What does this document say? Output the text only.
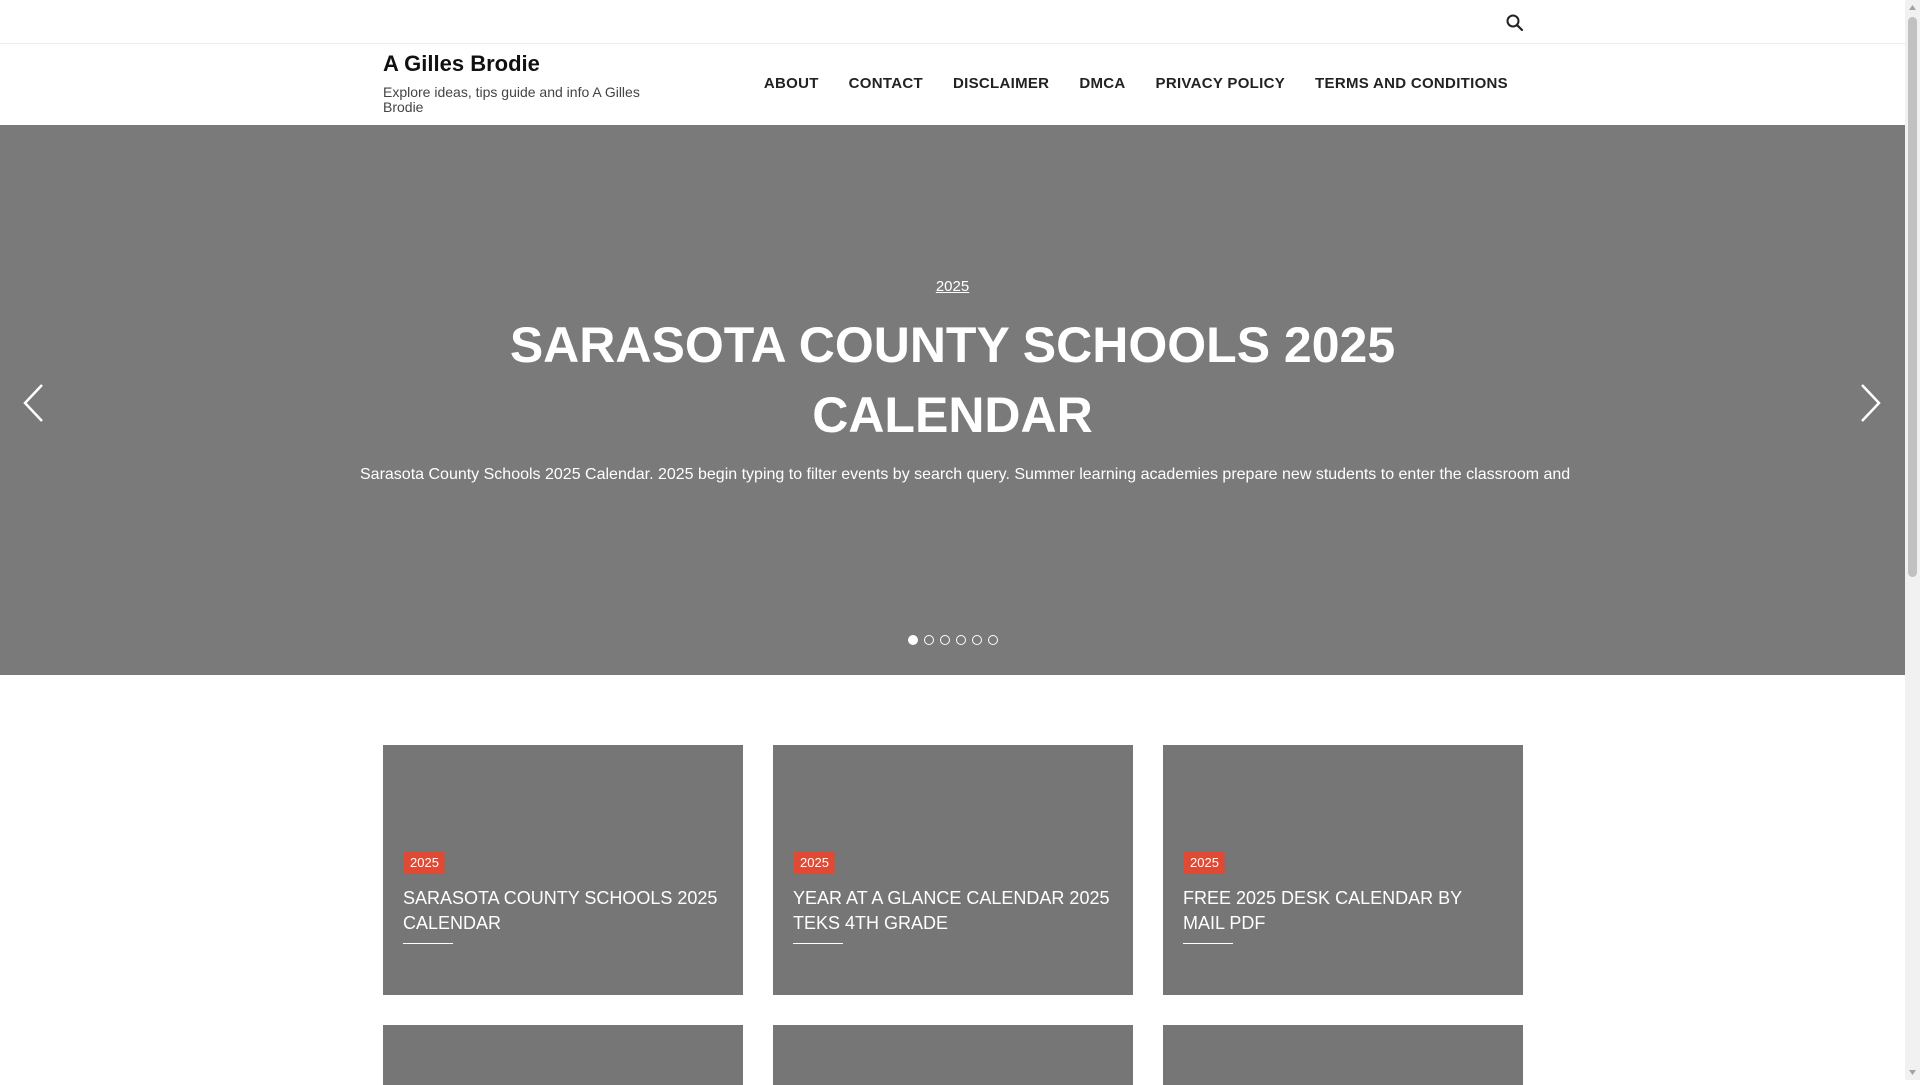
A Gilles Brodie
Explore ideas, tips guide and info A Gilles Brodie
ABOUT	CONTACT	DISCLAIMER	DMCA	PRIVACY POLICY	TERMS AND CONDITIONS
2025
SARASOTA COUNTY SCHOOLS 2025 CALENDAR
Sarasota County Schools 2025 Calendar. 2025 begin typing to filter events by search query. Summer learning academies prepare new students to enter the classroom and
2025
SARASOTA COUNTY SCHOOLS 2025 CALENDAR
2025
YEAR AT A GLANCE CALENDAR 2025 TEKS 4TH GRADE
2025
FREE 2025 DESK CALENDAR BY MAIL PDF
